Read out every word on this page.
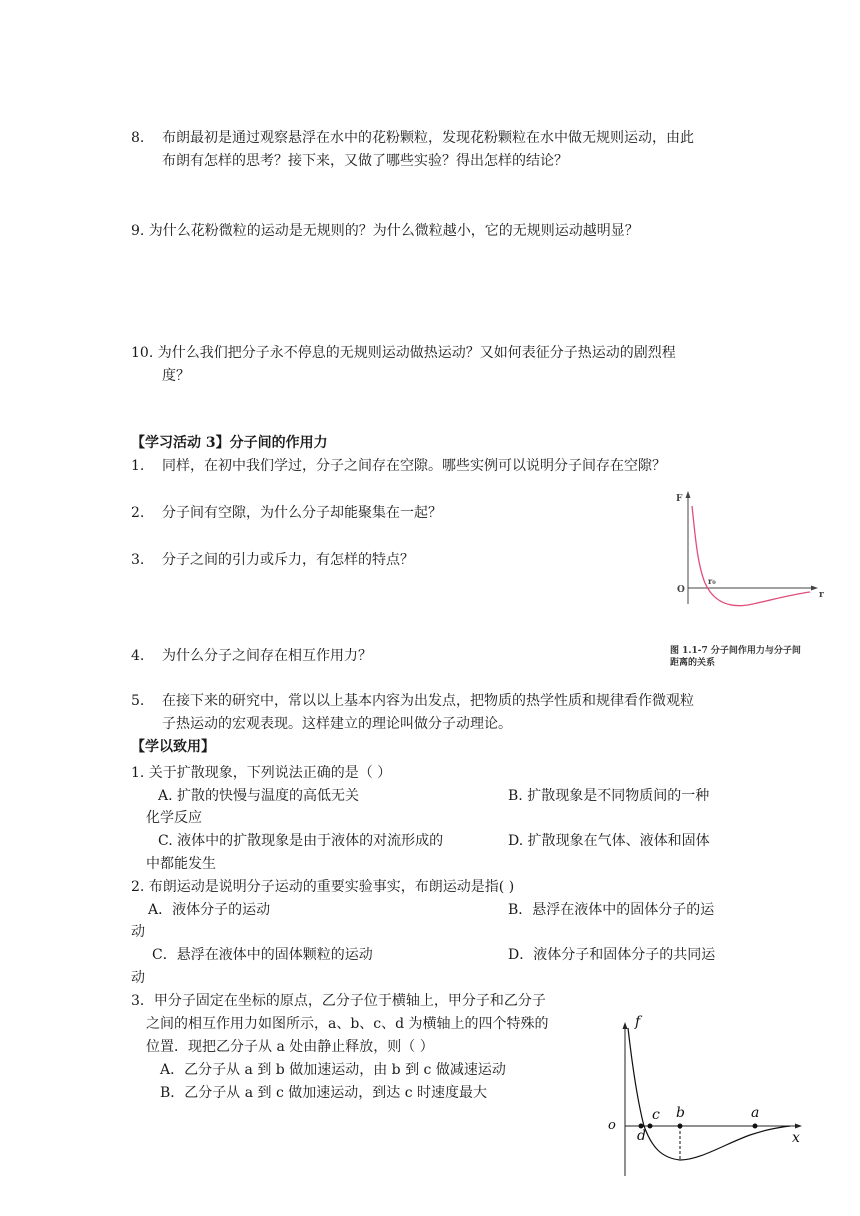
8. 布朗最初是通过观察悬浮在水中的花粉颗粒，发现花粉颗粒在水中做无规则运动，由此
布朗有怎样的思考？接下来，又做了哪些实验？得出怎样的结论？
9. 为什么花粉微粒的运动是无规则的？为什么微粒越小，它的无规则运动越明显？
10. 为什么我们把分子永不停息的无规则运动做热运动？又如何表征分子热运动的剧烈程
度？
【学习活动 3】分子间的作用力
1. 同样，在初中我们学过，分子之间存在空隙。哪些实例可以说明分子间存在空隙？
2. 分子间有空隙，为什么分子却能聚集在一起？
3. 分子之间的引力或斥力，有怎样的特点？
4. 为什么分子之间存在相互作用力？
5. 在接下来的研究中，常以以上基本内容为出发点，把物质的热学性质和规律看作微观粒
子热运动的宏观表现。这样建立的理论叫做分子动理论。
F
r
O
r₀
图 1.1-7 分子间作用力与分子间
距离的关系
【学以致用】
1. 关于扩散现象，下列说法正确的是（ ）
A. 扩散的快慢与温度的高低无关	B. 扩散现象是不同物质间的一种
化学反应
C. 液体中的扩散现象是由于液体的对流形成的	D. 扩散现象在气体、液体和固体
中都能发生
2. 布朗运动是说明分子运动的重要实验事实，布朗运动是指( )
A．液体分子的运动	B．悬浮在液体中的固体分子的运
动
C．悬浮在液体中的固体颗粒的运动	D．液体分子和固体分子的共同运
动
3．甲分子固定在坐标的原点，乙分子位于横轴上，甲分子和乙分子
之间的相互作用力如图所示，a、b、c、d 为横轴上的四个特殊的
位置．现把乙分子从 a 处由静止释放，则（ ）
A．乙分子从 a 到 b 做加速运动，由 b 到 c 做减速运动
B．乙分子从 a 到 c 做加速运动，到达 c 时速度最大
f
x
o
a
b
c
d
